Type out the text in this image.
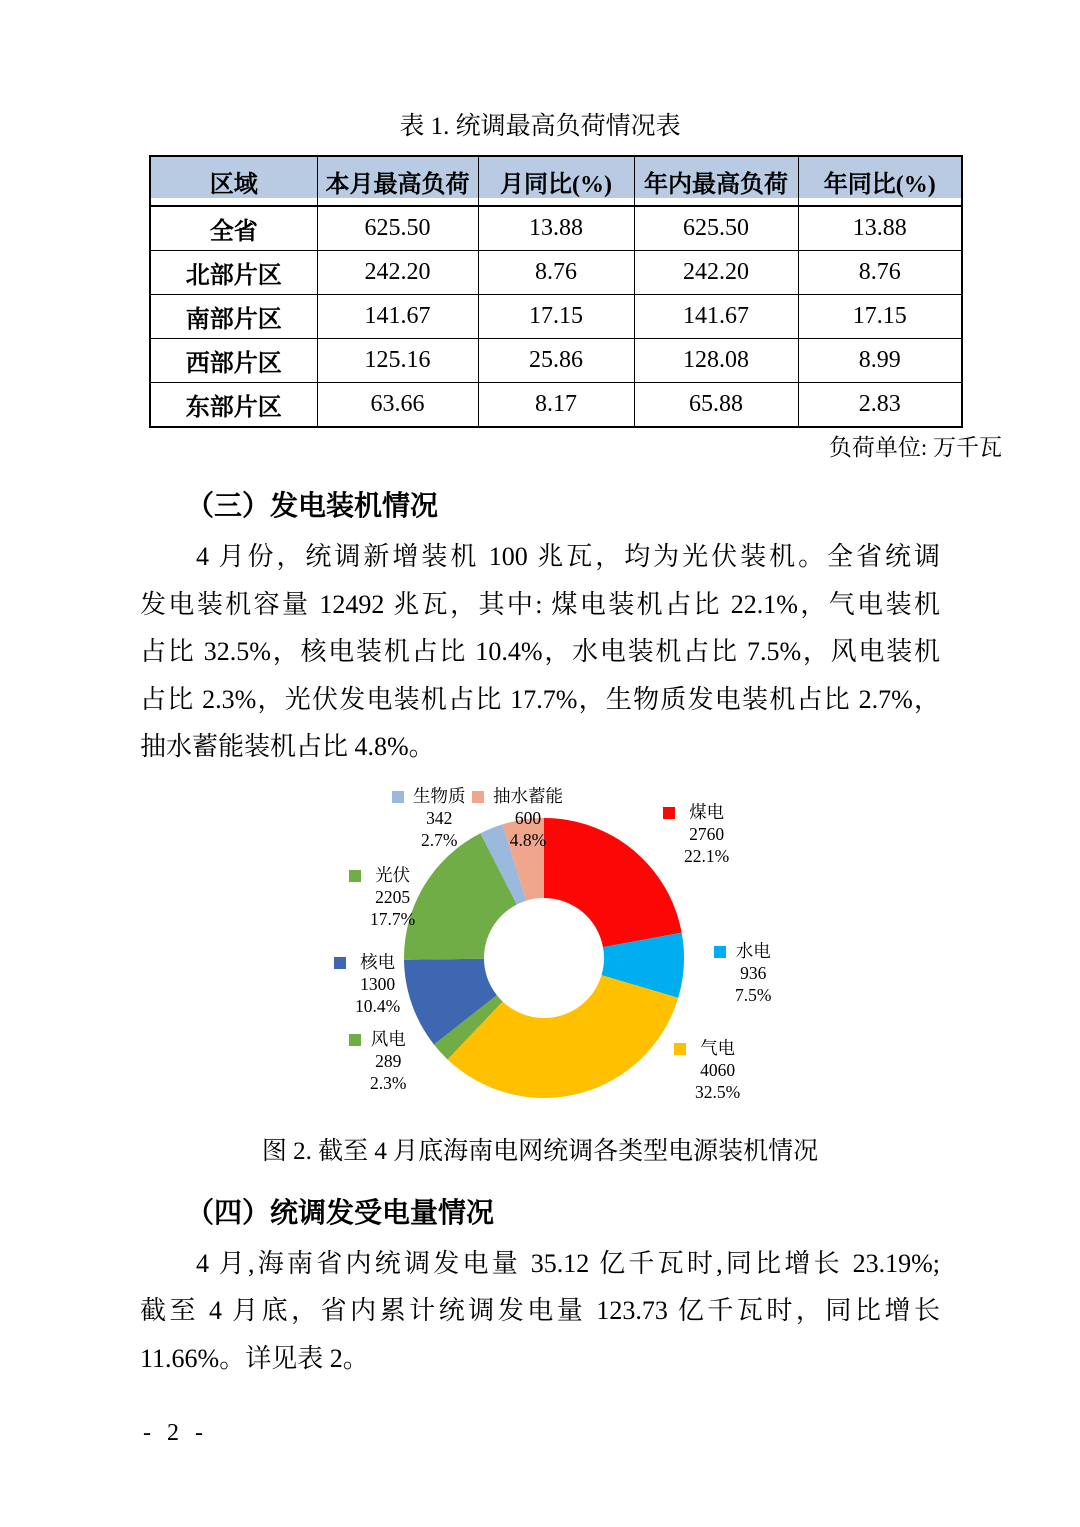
表 1. 统调最高负荷情况表
区域	本月最高负荷	月同比(%)	年内最高负荷	年同比(%)
全省	625.50	13.88	625.50	13.88
北部片区	242.20	8.76	242.20	8.76
南部片区	141.67	17.15	141.67	17.15
西部片区	125.16	25.86	128.08	8.99
东部片区	63.66	8.17	65.88	2.83
负荷单位: 万千瓦
（三）发电装机情况
4 月份，统调新增装机 100 兆瓦，均为光伏装机。全省统调
发电装机容量 12492 兆瓦，其中: 煤电装机占比 22.1%，气电装机
占比 32.5%，核电装机占比 10.4%，水电装机占比 7.5%，风电装机
占比 2.3%，光伏发电装机占比 17.7%，生物质发电装机占比 2.7%，
抽水蓄能装机占比 4.8%。
煤电
2760
22.1%
水电
936
7.5%
气电
4060
32.5%
风电
289
2.3%
核电
1300
10.4%
光伏
2205
17.7%
生物质
342
2.7%
抽水蓄能
600
4.8%
图 2. 截至 4 月底海南电网统调各类型电源装机情况
（四）统调发受电量情况
4 月,海南省内统调发电量 35.12 亿千瓦时,同比增长 23.19%;
截至 4 月底，省内累计统调发电量 123.73 亿千瓦时，同比增长
11.66%。详见表 2。
- 2 -
